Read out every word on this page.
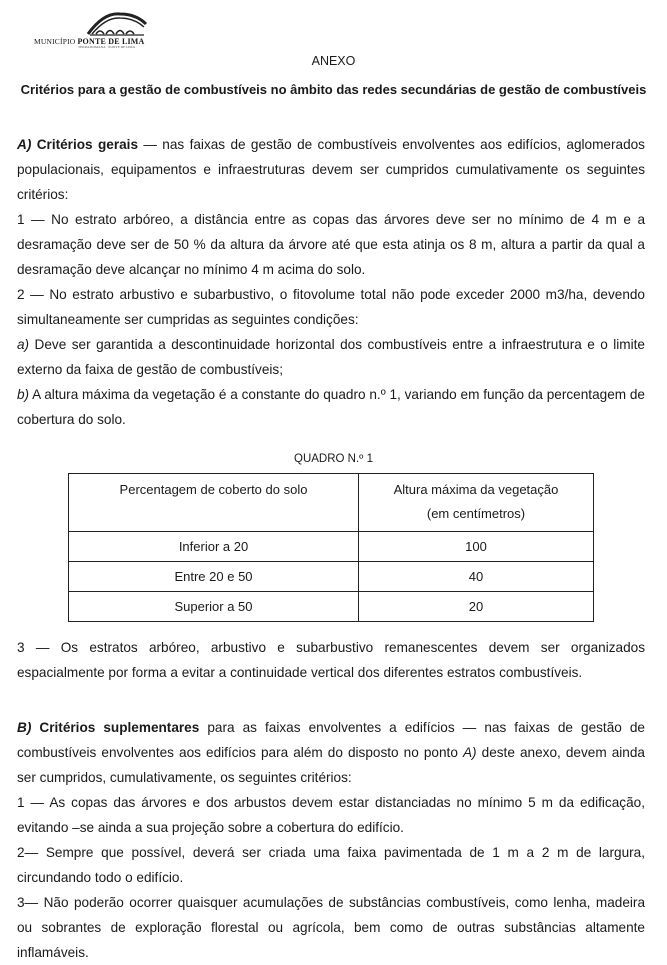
MUNICÍPIO PONTE DE LIMA
TERRA ROMANA · PONTE DE LIMA
ANEXO
Critérios para a gestão de combustíveis no âmbito das redes secundárias de gestão de combustíveis

A) Critérios gerais — nas faixas de gestão de combustíveis envolventes aos edifícios, aglomerados populacionais, equipamentos e infraestruturas devem ser cumpridos cumulativamente os seguintes critérios:

1 — No estrato arbóreo, a distância entre as copas das árvores deve ser no mínimo de 4 m e a desramação deve ser de 50 % da altura da árvore até que esta atinja os 8 m, altura a partir da qual a desramação deve alcançar no mínimo 4 m acima do solo.

2 — No estrato arbustivo e subarbustivo, o fitovolume total não pode exceder 2000 m3/ha, devendo simultaneamente ser cumpridas as seguintes condições:

a) Deve ser garantida a descontinuidade horizontal dos combustíveis entre a infraestrutura e o limite externo da faixa de gestão de combustíveis;

b) A altura máxima da vegetação é a constante do quadro n.º 1, variando em função da percentagem de cobertura do solo.

QUADRO N.º 1
Percentagem de coberto do solo	Altura máxima da vegetação
(em centímetros)
Inferior a 20	100
Entre 20 e 50	40
Superior a 50	20

3 — Os estratos arbóreo, arbustivo e subarbustivo remanescentes devem ser organizados espacialmente por forma a evitar a continuidade vertical dos diferentes estratos combustíveis.

B) Critérios suplementares para as faixas envolventes a edifícios — nas faixas de gestão de combustíveis envolventes aos edifícios para além do disposto no ponto A) deste anexo, devem ainda ser cumpridos, cumulativamente, os seguintes critérios:

1 — As copas das árvores e dos arbustos devem estar distanciadas no mínimo 5 m da edificação, evitando –se ainda a sua projeção sobre a cobertura do edifício.

2— Sempre que possível, deverá ser criada uma faixa pavimentada de 1 m a 2 m de largura, circundando todo o edifício.

3— Não poderão ocorrer quaisquer acumulações de substâncias combustíveis, como lenha, madeira ou sobrantes de exploração florestal ou agrícola, bem como de outras substâncias altamente inflamáveis.
